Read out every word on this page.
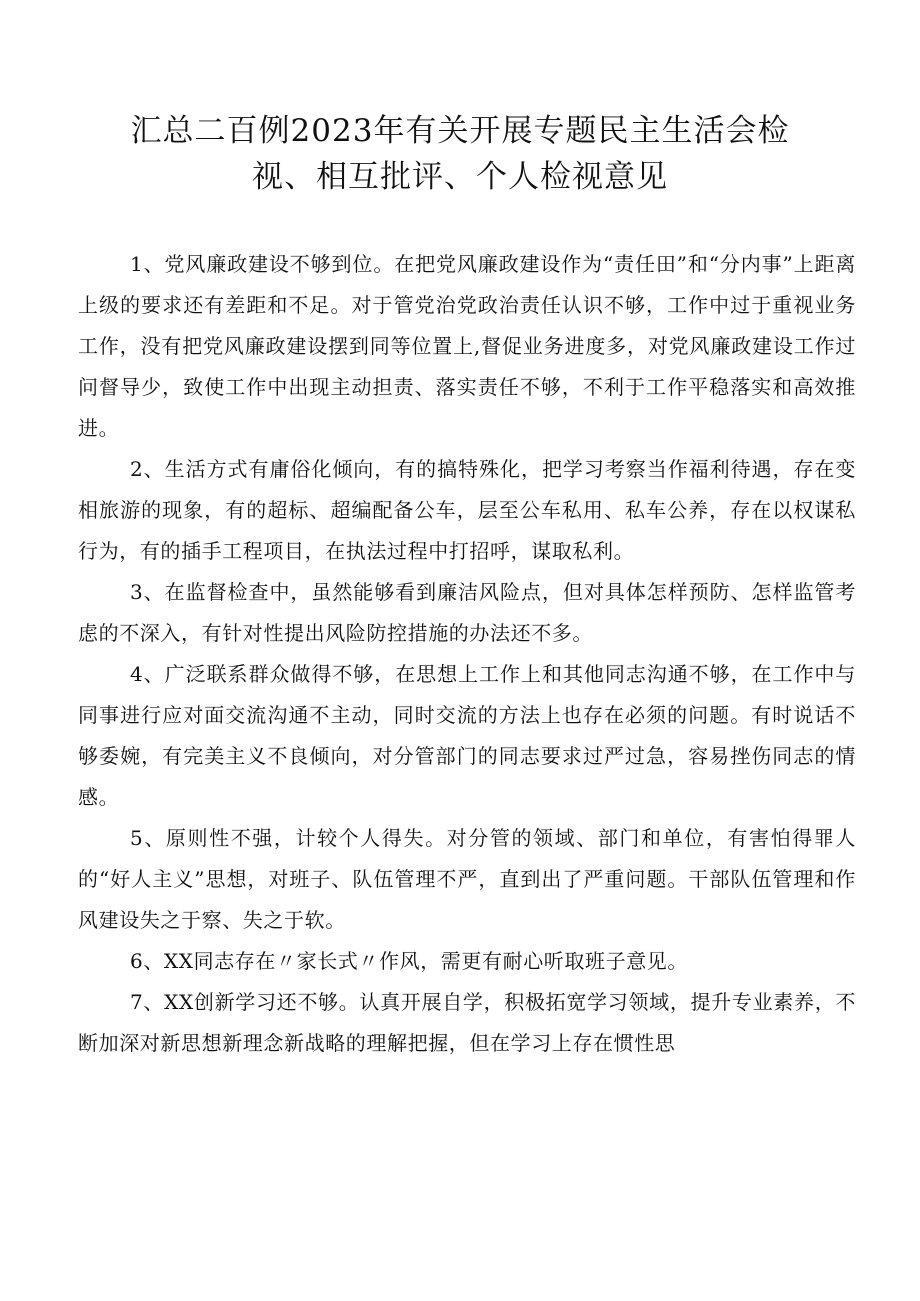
汇总二百例2023年有关开展专题民主生活会检
视、相互批评、个人检视意见

1、党风廉政建设不够到位。在把党风廉政建设作为“责任田”和“分内事”上距离上级的要求还有差距和不足。对于管党治党政治责任认识不够，工作中过于重视业务工作，没有把党风廉政建设摆到同等位置上,督促业务进度多，对党风廉政建设工作过问督导少，致使工作中出现主动担责、落实责任不够，不利于工作平稳落实和高效推进。

2、生活方式有庸俗化倾向，有的搞特殊化，把学习考察当作福利待遇，存在变相旅游的现象，有的超标、超编配备公车，层至公车私用、私车公养，存在以权谋私行为，有的插手工程项目，在执法过程中打招呼，谋取私利。

3、在监督检查中，虽然能够看到廉洁风险点，但对具体怎样预防、怎样监管考虑的不深入，有针对性提出风险防控措施的办法还不多。

4、广泛联系群众做得不够，在思想上工作上和其他同志沟通不够，在工作中与同事进行应对面交流沟通不主动，同时交流的方法上也存在必须的问题。有时说话不够委婉，有完美主义不良倾向，对分管部门的同志要求过严过急，容易挫伤同志的情感。

5、原则性不强，计较个人得失。对分管的领域、部门和单位，有害怕得罪人的“好人主义”思想，对班子、队伍管理不严，直到出了严重问题。干部队伍管理和作风建设失之于察、失之于软。

6、XX同志存在〃家长式〃作风，需更有耐心听取班子意见。

7、XX创新学习还不够。认真开展自学，积极拓宽学习领域，提升专业素养，不断加深对新思想新理念新战略的理解把握，但在学习上存在惯性思
